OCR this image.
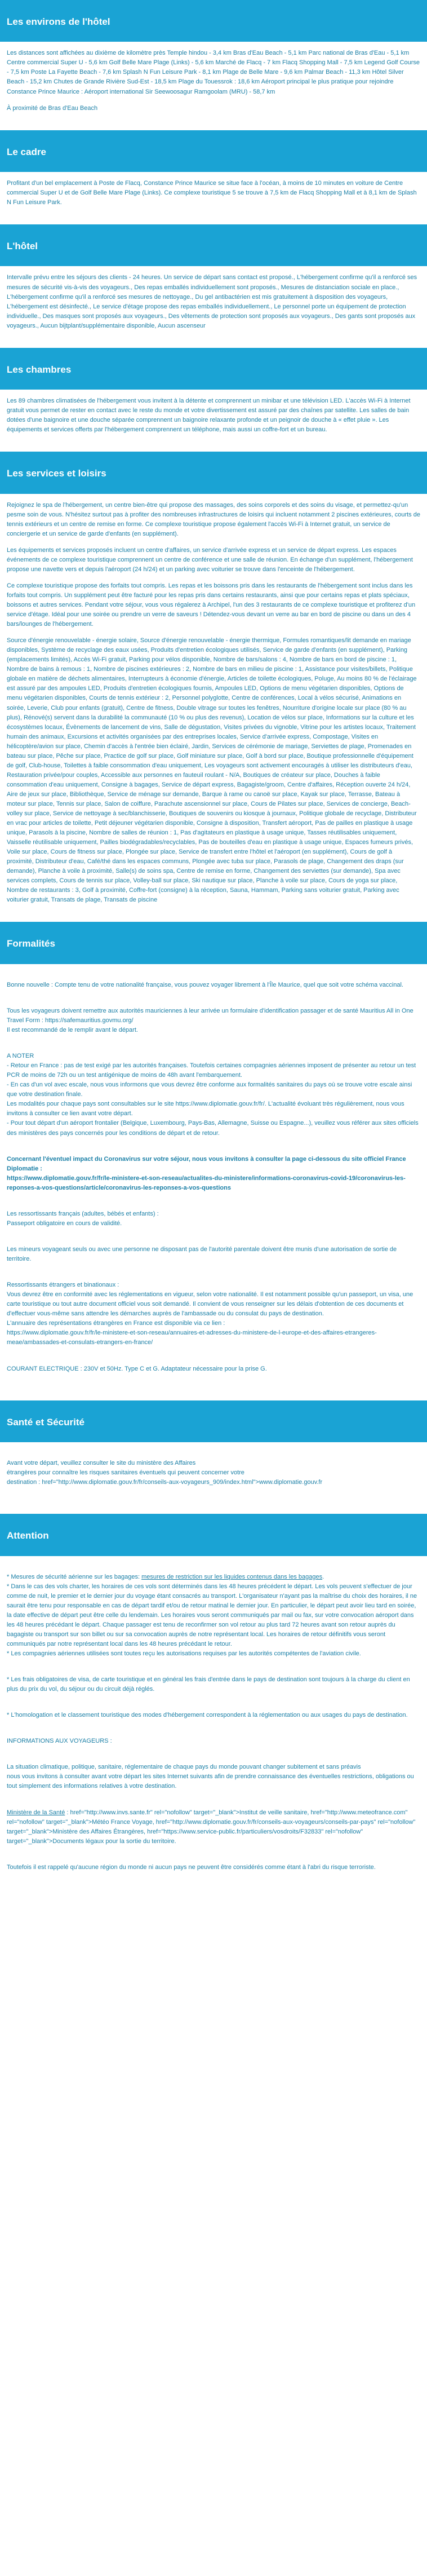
Les environs de l'hôtel

Les distances sont affichées au dixième de kilomètre près Temple hindou - 3,4 km Bras d'Eau Beach - 5,1 km Parc national de Bras d'Eau - 5,1 km Centre commercial Super U - 5,6 km Golf Belle Mare Plage (Links) - 5,6 km Marché de Flacq - 7 km Flacq Shopping Mall - 7,5 km Legend Golf Course - 7,5 km Poste La Fayette Beach - 7,6 km Splash N Fun Leisure Park - 8,1 km Plage de Belle Mare - 9,6 km Palmar Beach - 11,3 km Hôtel Silver Beach - 15,2 km Chutes de Grande Rivière Sud-Est - 18,5 km Plage du Touessrok : 18,6 km Aéroport principal le plus pratique pour rejoindre Constance Prince Maurice : Aéroport international Sir Seewoosagur Ramgoolam (MRU) - 58,7 km

À proximité de Bras d'Eau Beach

Le cadre

Profitant d'un bel emplacement à Poste de Flacq, Constance Prince Maurice se situe face à l'océan, à moins de 10 minutes en voiture de Centre commercial Super U et de Golf Belle Mare Plage (Links). Ce complexe touristique 5 se trouve à 7,5 km de Flacq Shopping Mall et à 8,1 km de Splash N Fun Leisure Park.

L'hôtel

Intervalle prévu entre les séjours des clients - 24 heures. Un service de départ sans contact est proposé., L'hébergement confirme qu'il a renforcé ses mesures de sécurité vis-à-vis des voyageurs., Des repas emballés individuellement sont proposés., Mesures de distanciation sociale en place., L'hébergement confirme qu'il a renforcé ses mesures de nettoyage., Du gel antibactérien est mis gratuitement à disposition des voyageurs, L'hébergement est désinfecté., Le service d'étage propose des repas emballés individuellement., Le personnel porte un équipement de protection individuelle., Des masques sont proposés aux voyageurs., Des vêtements de protection sont proposés aux voyageurs., Des gants sont proposés aux voyageurs., Aucun bijtplant/supplémentaire disponible, Aucun ascenseur

Les chambres

Les 89 chambres climatisées de l'hébergement vous invitent à la détente et comprennent un minibar et une télévision LED. L'accès Wi-Fi à Internet gratuit vous permet de rester en contact avec le reste du monde et votre divertissement est assuré par des chaînes par satellite. Les salles de bain dotées d'une baignoire et une douche séparée comprennent un baignoire relaxante profonde et un peignoir de douche à « effet pluie ». Les équipements et services offerts par l'hébergement comprennent un téléphone, mais aussi un coffre-fort et un bureau.

Les services et loisirs

Rejoignez le spa de l'hébergement, un centre bien-être qui propose des massages, des soins corporels et des soins du visage, et permettez-qu'un pesme soin de vous. N'hésitez surtout pas à profiter des nombreuses infrastructures de loisirs qui incluent notamment 2 piscines extérieures, courts de tennis extérieurs et un centre de remise en forme. Ce complexe touristique propose également l'accès Wi-Fi à Internet gratuit, un service de conciergerie et un service de garde d'enfants (en supplément).

Les équipements et services proposés incluent un centre d'affaires, un service d'arrivée express et un service de départ express. Les espaces événements de ce complexe touristique comprennent un centre de conférence et une salle de réunion. En échange d'un supplément, l'hébergement propose une navette vers et depuis l'aéroport (24 h/24) et un parking avec voiturier se trouve dans l'enceinte de l'hébergement.

Ce complexe touristique propose des forfaits tout compris. Les repas et les boissons pris dans les restaurants de l'hébergement sont inclus dans les forfaits tout compris. Un supplément peut être facturé pour les repas pris dans certains restaurants, ainsi que pour certains repas et plats spéciaux, boissons et autres services. Pendant votre séjour, vous vous régalerez à Archipel, l'un des 3 restaurants de ce complexe touristique et profiterez d'un service d'étage. Idéal pour une soirée ou prendre un verre de saveurs ! Détendez-vous devant un verre au bar en bord de piscine ou dans un des 4 bars/lounges de l'hébergement.

Source d'énergie renouvelable - énergie solaire, Source d'énergie renouvelable - énergie thermique, Formules romantiques/lit demande en mariage disponibles, Système de recyclage des eaux usées, Produits d'entretien écologiques utilisés, Service de garde d'enfants (en supplément), Parking (emplacements limités), Accès Wi-Fi gratuit, Parking pour vélos disponible, Nombre de bars/salons : 4, Nombre de bars en bord de piscine : 1, Nombre de bains à remous : 1, Nombre de piscines extérieures : 2, Nombre de bars en milieu de piscine : 1, Assistance pour visites/billets, Politique globale en matière de déchets alimentaires, Interrupteurs à économie d'énergie, Articles de toilette écologiques, Poluge, Au moins 80 % de l'éclairage est assuré par des ampoules LED, Produits d'entretien écologiques fournis, Ampoules LED, Options de menu végétarien disponibles, Options de menu végétarien disponibles, Courts de tennis extérieur : 2, Personnel polyglotte, Centre de conférences, Local à vélos sécurisé, Animations en soirée, Leverie, Club pour enfants (gratuit), Centre de fitness, Double vitrage sur toutes les fenêtres, Nourriture d'origine locale sur place (80 % au plus), Rénové(s) servent dans la durabilité la communauté (10 % ou plus des revenus), Location de vélos sur place, Informations sur la culture et les écosystèmes locaux, Évènements de lancement de vins, Salle de dégustation, Visites privées du vignoble, Vitrine pour les artistes locaux, Traitement humain des animaux, Excursions et activités organisées par des entreprises locales, Service d'arrivée express, Compostage, Visites en hélicoptère/avion sur place, Chemin d'accès à l'entrée bien éclairé, Jardin, Services de cérémonie de mariage, Serviettes de plage, Promenades en bateau sur place, Pêche sur place, Practice de golf sur place, Golf miniature sur place, Golf à bord sur place, Boutique professionnelle d'équipement de golf, Club-house, Toilettes à faible consommation d'eau uniquement, Les voyageurs sont activement encouragés à utiliser les distributeurs d'eau, Restauration privée/pour couples, Accessible aux personnes en fauteuil roulant - N/A, Boutiques de créateur sur place, Douches à faible consommation d'eau uniquement, Consigne à bagages, Service de départ express, Bagagiste/groom, Centre d'affaires, Réception ouverte 24 h/24, Aire de jeux sur place, Bibliothèque, Service de ménage sur demande, Barque à rame ou canoë sur place, Kayak sur place, Terrasse, Bateau à moteur sur place, Tennis sur place, Salon de coiffure, Parachute ascensionnel sur place, Cours de Pilates sur place, Services de concierge, Beach-volley sur place, Service de nettoyage à sec/blanchisserie, Boutiques de souvenirs ou kiosque à journaux, Politique globale de recyclage, Distributeur en vrac pour articles de toilette, Petit déjeuner végétarien disponible, Consigne à disposition, Transfert aéroport, Pas de pailles en plastique à usage unique, Parasols à la piscine, Nombre de salles de réunion : 1, Pas d'agitateurs en plastique à usage unique, Tasses réutilisables uniquement, Vaisselle réutilisable uniquement, Pailles biodégradables/recyclables, Pas de bouteilles d'eau en plastique à usage unique, Espaces fumeurs privés, Voile sur place, Cours de fitness sur place, Plongée sur place, Service de transfert entre l'hôtel et l'aéroport (en supplément), Cours de golf à proximité, Distributeur d'eau, Café/thé dans les espaces communs, Plongée avec tuba sur place, Parasols de plage, Changement des draps (sur demande), Planche à voile à proximité, Salle(s) de soins spa, Centre de remise en forme, Changement des serviettes (sur demande), Spa avec services complets, Cours de tennis sur place, Volley-ball sur place, Ski nautique sur place, Planche à voile sur place, Cours de yoga sur place, Nombre de restaurants : 3, Golf à proximité, Coffre-fort (consigne) à la réception, Sauna, Hammam, Parking sans voiturier gratuit, Parking avec voiturier gratuit, Transats de plage, Transats de piscine

Formalités

Bonne nouvelle : Compte tenu de votre nationalité française, vous pouvez voyager librement à l'Île Maurice, quel que soit votre schéma vaccinal.

Tous les voyageurs doivent remettre aux autorités mauriciennes à leur arrivée un formulaire d'identification passager et de santé Mauritius All in One Travel Form : https://safemauritius.govmu.org/
Il est recommandé de le remplir avant le départ.

A NOTER
- Retour en France : pas de test exigé par les autorités françaises. Toutefois certaines compagnies aériennes imposent de présenter au retour un test PCR de moins de 72h ou un test antigénique de moins de 48h avant l'embarquement.
- En cas d'un vol avec escale, nous vous informons que vous devrez être conforme aux formalités sanitaires du pays où se trouve votre escale ainsi que votre destination finale.
Les modalités pour chaque pays sont consultables sur le site https://www.diplomatie.gouv.fr/fr/. L'actualité évoluant très régulièrement, nous vous invitons à consulter ce lien avant votre départ.
- Pour tout départ d'un aéroport frontalier (Belgique, Luxembourg, Pays-Bas, Allemagne, Suisse ou Espagne...), veuillez vous référer aux sites officiels des ministères des pays concernés pour les conditions de départ et de retour.

Concernant l'éventuel impact du Coronavirus sur votre séjour, nous vous invitons à consulter la page ci-dessous du site officiel France Diplomatie :
https://www.diplomatie.gouv.fr/fr/le-ministere-et-son-reseau/actualites-du-ministere/informations-coronavirus-covid-19/coronavirus-les-reponses-a-vos-questions/article/coronavirus-les-reponses-a-vos-questions

Les ressortissants français (adultes, bébés et enfants) :
Passeport obligatoire en cours de validité.

Les mineurs voyageant seuls ou avec une personne ne disposant pas de l'autorité parentale doivent être munis d'une autorisation de sortie de territoire.

Ressortissants étrangers et binationaux :
Vous devrez être en conformité avec les réglementations en vigueur, selon votre nationalité. Il est notamment possible qu'un passeport, un visa, une carte touristique ou tout autre document officiel vous soit demandé. Il convient de vous renseigner sur les délais d'obtention de ces documents et d'effectuer vous-même sans attendre les démarches auprès de l'ambassade ou du consulat du pays de destination.
L'annuaire des représentations étrangères en France est disponible via ce lien :
https://www.diplomatie.gouv.fr/fr/le-ministere-et-son-reseau/annuaires-et-adresses-du-ministere-de-l-europe-et-des-affaires-etrangeres-meae/ambassades-et-consulats-etrangers-en-france/

COURANT ELECTRIQUE : 230V et 50Hz. Type C et G. Adaptateur nécessaire pour la prise G.

Santé et Sécurité

Avant votre départ, veuillez consulter le site du ministère des Affaires
étrangères pour connaître les risques sanitaires éventuels qui peuvent concerner votre
destination : href="http://www.diplomatie.gouv.fr/fr/conseils-aux-voyageurs_909/index.html">www.diplomatie.gouv.fr

Attention

* Mesures de sécurité aérienne sur les bagages: mesures de restriction sur les liquides contenus dans les bagages.
* Dans le cas des vols charter, les horaires de ces vols sont déterminés dans les 48 heures précédent le départ. Les vols peuvent s'effectuer de jour comme de nuit, le premier et le dernier jour du voyage étant consacrés au transport. L'organisateur n'ayant pas la maîtrise du choix des horaires, il ne saurait être tenu pour responsable en cas de départ tardif et/ou de retour matinal le dernier jour. En particulier, le départ peut avoir lieu tard en soirée, la date effective de départ peut être celle du lendemain. Les horaires vous seront communiqués par mail ou fax, sur votre convocation aéroport dans les 48 heures précédant le départ. Chaque passager est tenu de reconfirmer son vol retour au plus tard 72 heures avant son retour auprès du bagagiste ou transport sur son billet ou sur sa convocation auprès de notre représentant local. Les horaires de retour définitifs vous seront communiqués par notre représentant local dans les 48 heures précédant le retour.
* Les compagnies aériennes utilisées sont toutes reçu les autorisations requises par les autorités compétentes de l'aviation civile.

* Les frais obligatoires de visa, de carte touristique et en général les frais d'entrée dans le pays de destination sont toujours à la charge du client en plus du prix du vol, du séjour ou du circuit déjà réglés.

* L'homologation et le classement touristique des modes d'hébergement correspondent à la réglementation ou aux usages du pays de destination.

INFORMATIONS AUX VOYAGEURS :

La situation climatique, politique, sanitaire, réglementaire de chaque pays du monde pouvant changer subitement et sans préavis
nous vous invitons à consulter avant votre départ les sites Internet suivants afin de prendre connaissance des éventuelles restrictions, obligations ou tout simplement des informations relatives à votre destination.

Ministère de la Santé : href="http://www.invs.sante.fr" rel="nofollow" target="_blank">Institut de veille sanitaire, href="http://www.meteofrance.com" rel="nofollow" target="_blank">Météo France Voyage, href="http://www.diplomatie.gouv.fr/fr/conseils-aux-voyageurs/conseils-par-pays" rel="nofollow" target="_blank">Ministère des Affaires Étrangères, href="https://www.service-public.fr/particuliers/vosdroits/F32833" rel="nofollow" target="_blank">Documents légaux pour la sortie du territoire.

Toutefois il est rappelé qu'aucune région du monde ni aucun pays ne peuvent être considérés comme étant à l'abri du risque terroriste.
